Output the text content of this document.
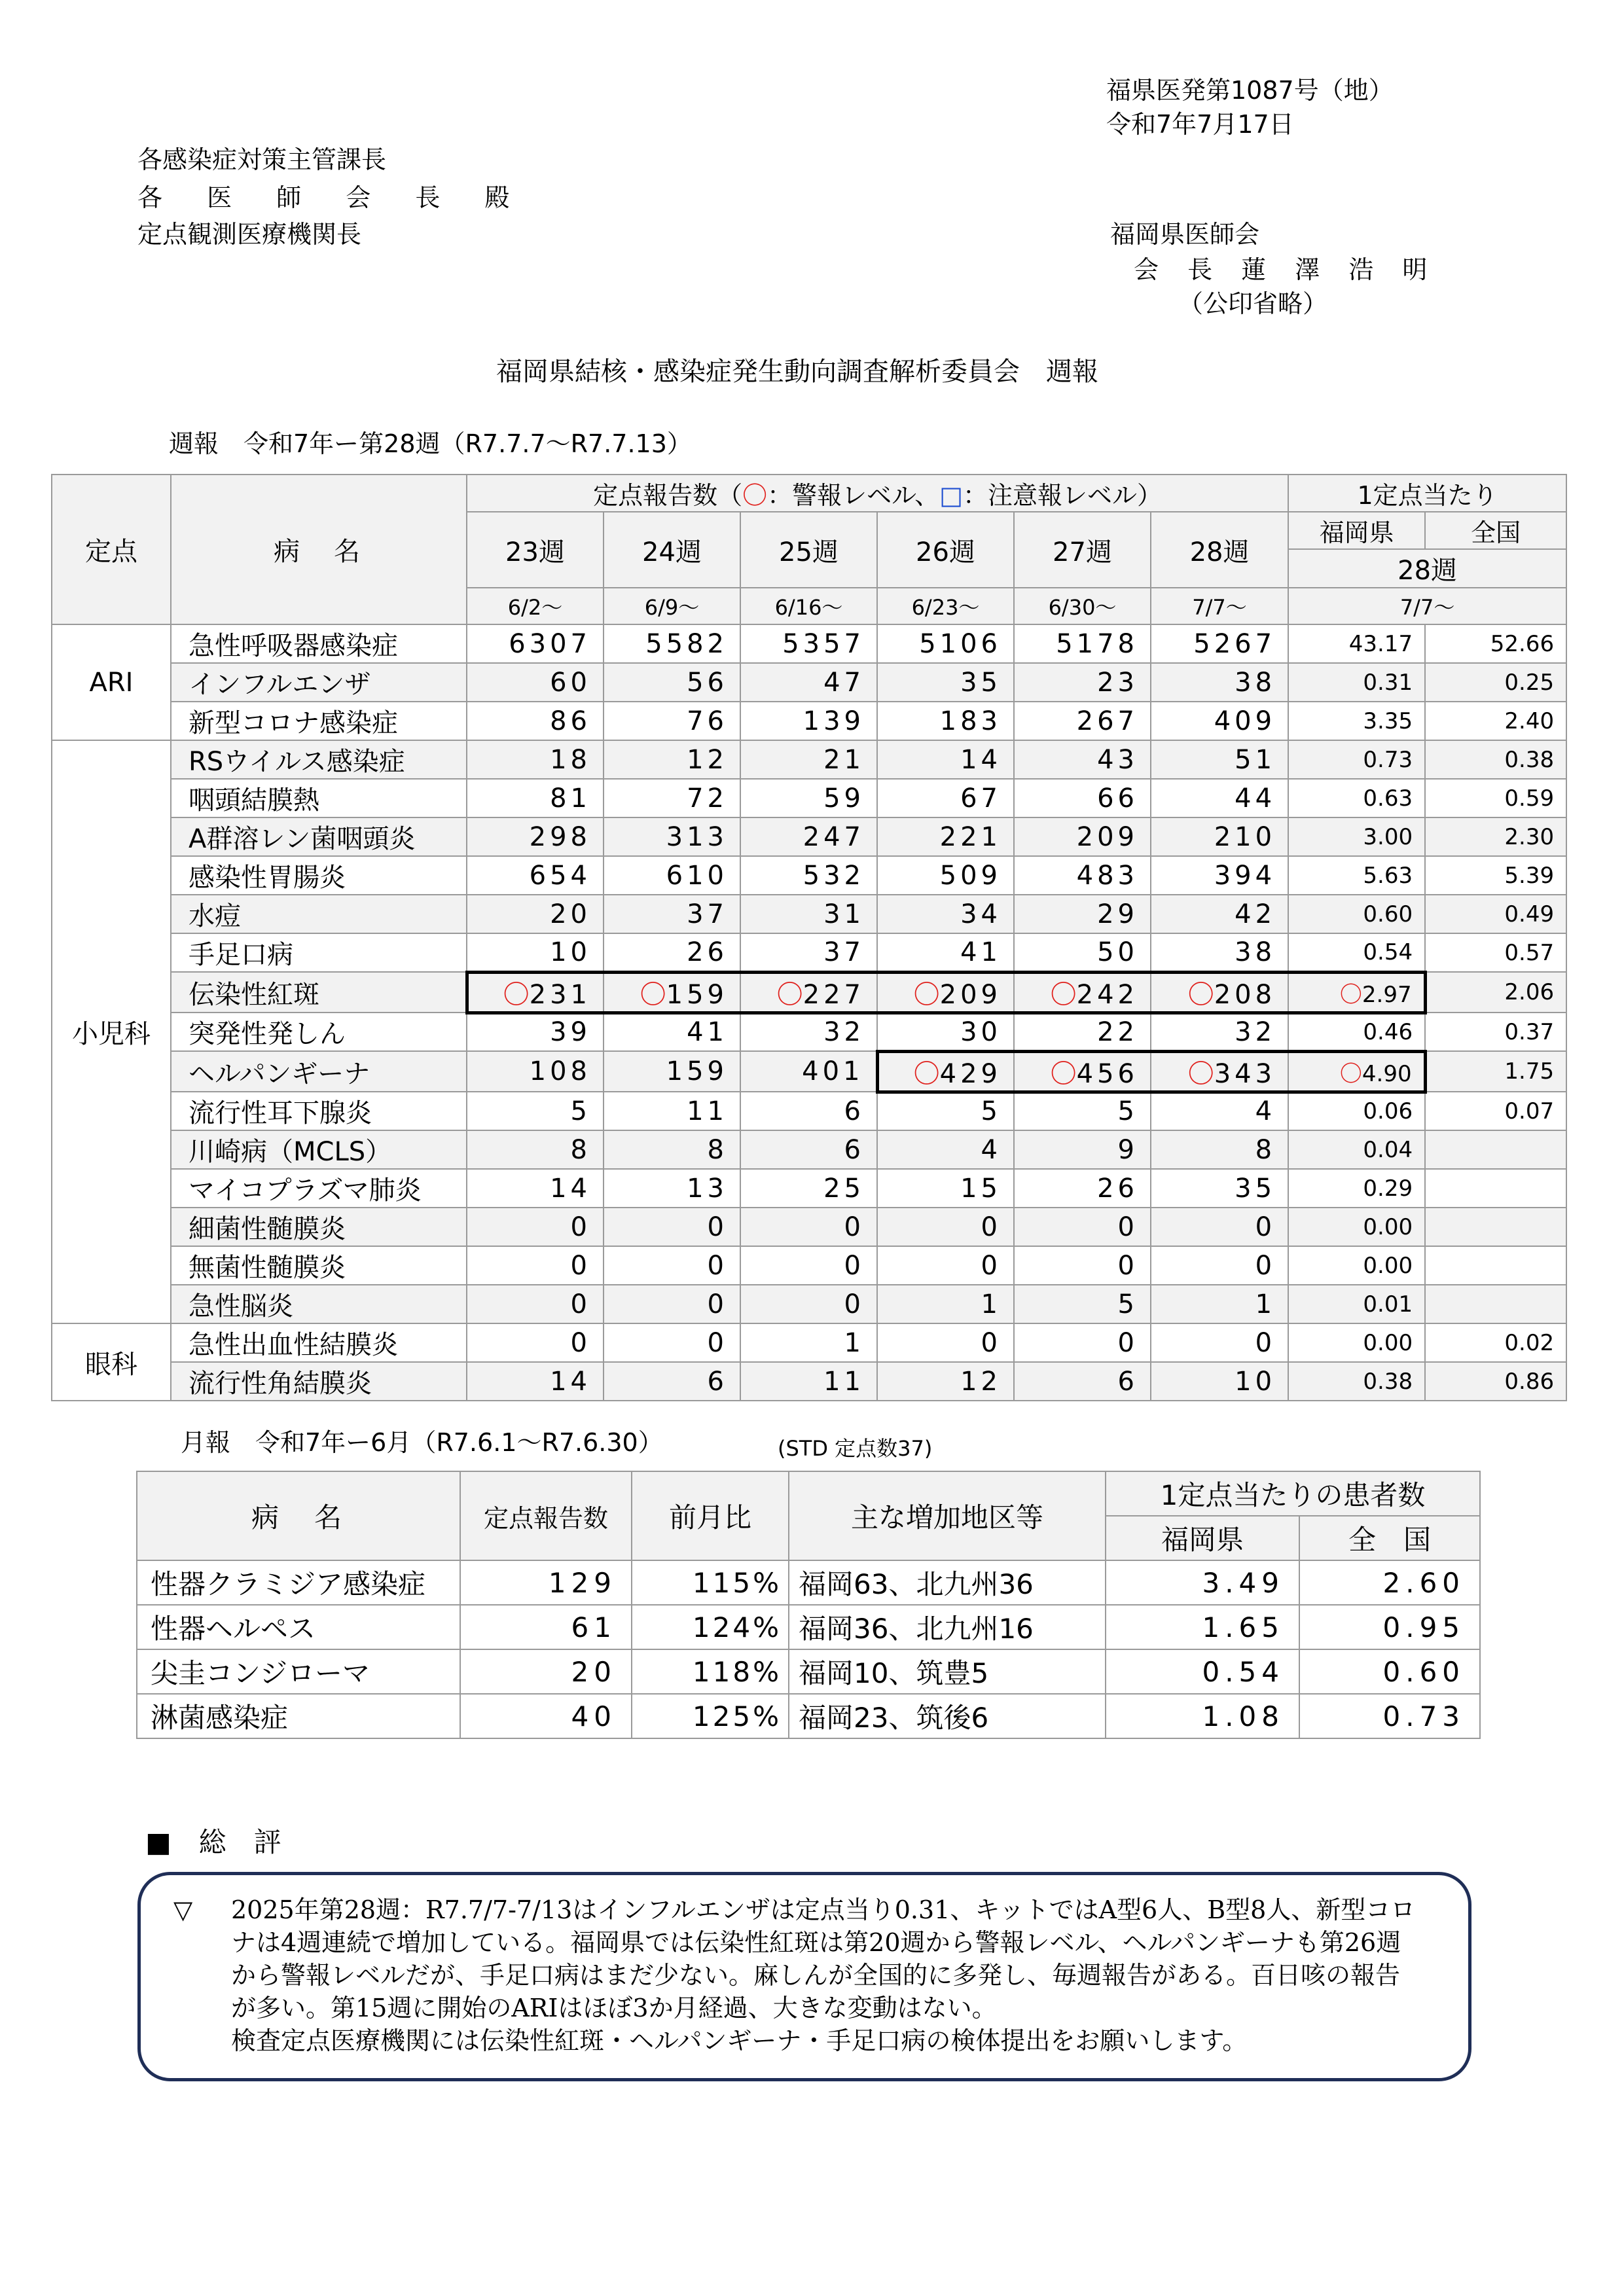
福県医発第1087号（地）
令和7年7月17日
各感染症対策主管課長
各 医 師 会 長 殿
定点観測医療機関長	福岡県医師会
会 長 蓮 澤 浩 明
（公印省略）
福岡県結核・感染症発生動向調査解析委員会　週報
週報　令和7年ー第28週（R7.7.7～R7.7.13）
定点	病　名	定点報告数（〇：警報レベル、□：注意報レベル）						1定点当たり	
		23週	24週	25週	26週	27週	28週	福岡県	全国
								28週	
		6/2～	6/9～	6/16～	6/23～	6/30～	7/7～	7/7～	
ARI	急性呼吸器感染症	6307	5582	5357	5106	5178	5267	43.17	52.66
	インフルエンザ	60	56	47	35	23	38	0.31	0.25
	新型コロナ感染症	86	76	139	183	267	409	3.35	2.40
小児科	RSウイルス感染症	18	12	21	14	43	51	0.73	0.38
	咽頭結膜熱	81	72	59	67	66	44	0.63	0.59
	A群溶レン菌咽頭炎	298	313	247	221	209	210	3.00	2.30
	感染性胃腸炎	654	610	532	509	483	394	5.63	5.39
	水痘	20	37	31	34	29	42	0.60	0.49
	手足口病	10	26	37	41	50	38	0.54	0.57
	伝染性紅斑	〇231	〇159	〇227	〇209	〇242	〇208	〇2.97	2.06
	突発性発しん	39	41	32	30	22	32	0.46	0.37
	ヘルパンギーナ	108	159	401	〇429	〇456	〇343	〇4.90	1.75
	流行性耳下腺炎	5	11	6	5	5	4	0.06	0.07
	川崎病（MCLS）	8	8	6	4	9	8	0.04	
	マイコプラズマ肺炎	14	13	25	15	26	35	0.29	
	細菌性髄膜炎	0	0	0	0	0	0	0.00	
	無菌性髄膜炎	0	0	0	0	0	0	0.00	
	急性脳炎	0	0	0	1	5	1	0.01	
眼科	急性出血性結膜炎	0	0	1	0	0	0	0.00	0.02
	流行性角結膜炎	14	6	11	12	6	10	0.38	0.86
月報　令和7年ー6月（R7.6.1～R7.6.30）	(STD 定点数37)
病　名	定点報告数	前月比	主な増加地区等	1定点当たりの患者数	
				福岡県	全　国
性器クラミジア感染症	129	115%	福岡63、北九州36	3.49	2.60
性器ヘルペス	61	124%	福岡36、北九州16	1.65	0.95
尖圭コンジローマ	20	118%	福岡10、筑豊5	0.54	0.60
淋菌感染症	40	125%	福岡23、筑後6	1.08	0.73
■　総　評
▽ 2025年第28週：R7.7/7-7/13はインフルエンザは定点当り0.31、キットではA型6人、B型8人、新型コロナは4週連続で増加している。福岡県では伝染性紅斑は第20週から警報レベル、ヘルパンギーナも第26週から警報レベルだが、手足口病はまだ少ない。麻しんが全国的に多発し、毎週報告がある。百日咳の報告が多い。第15週に開始のARIはほぼ3か月経過、大きな変動はない。
検査定点医療機関には伝染性紅斑・ヘルパンギーナ・手足口病の検体提出をお願いします。
